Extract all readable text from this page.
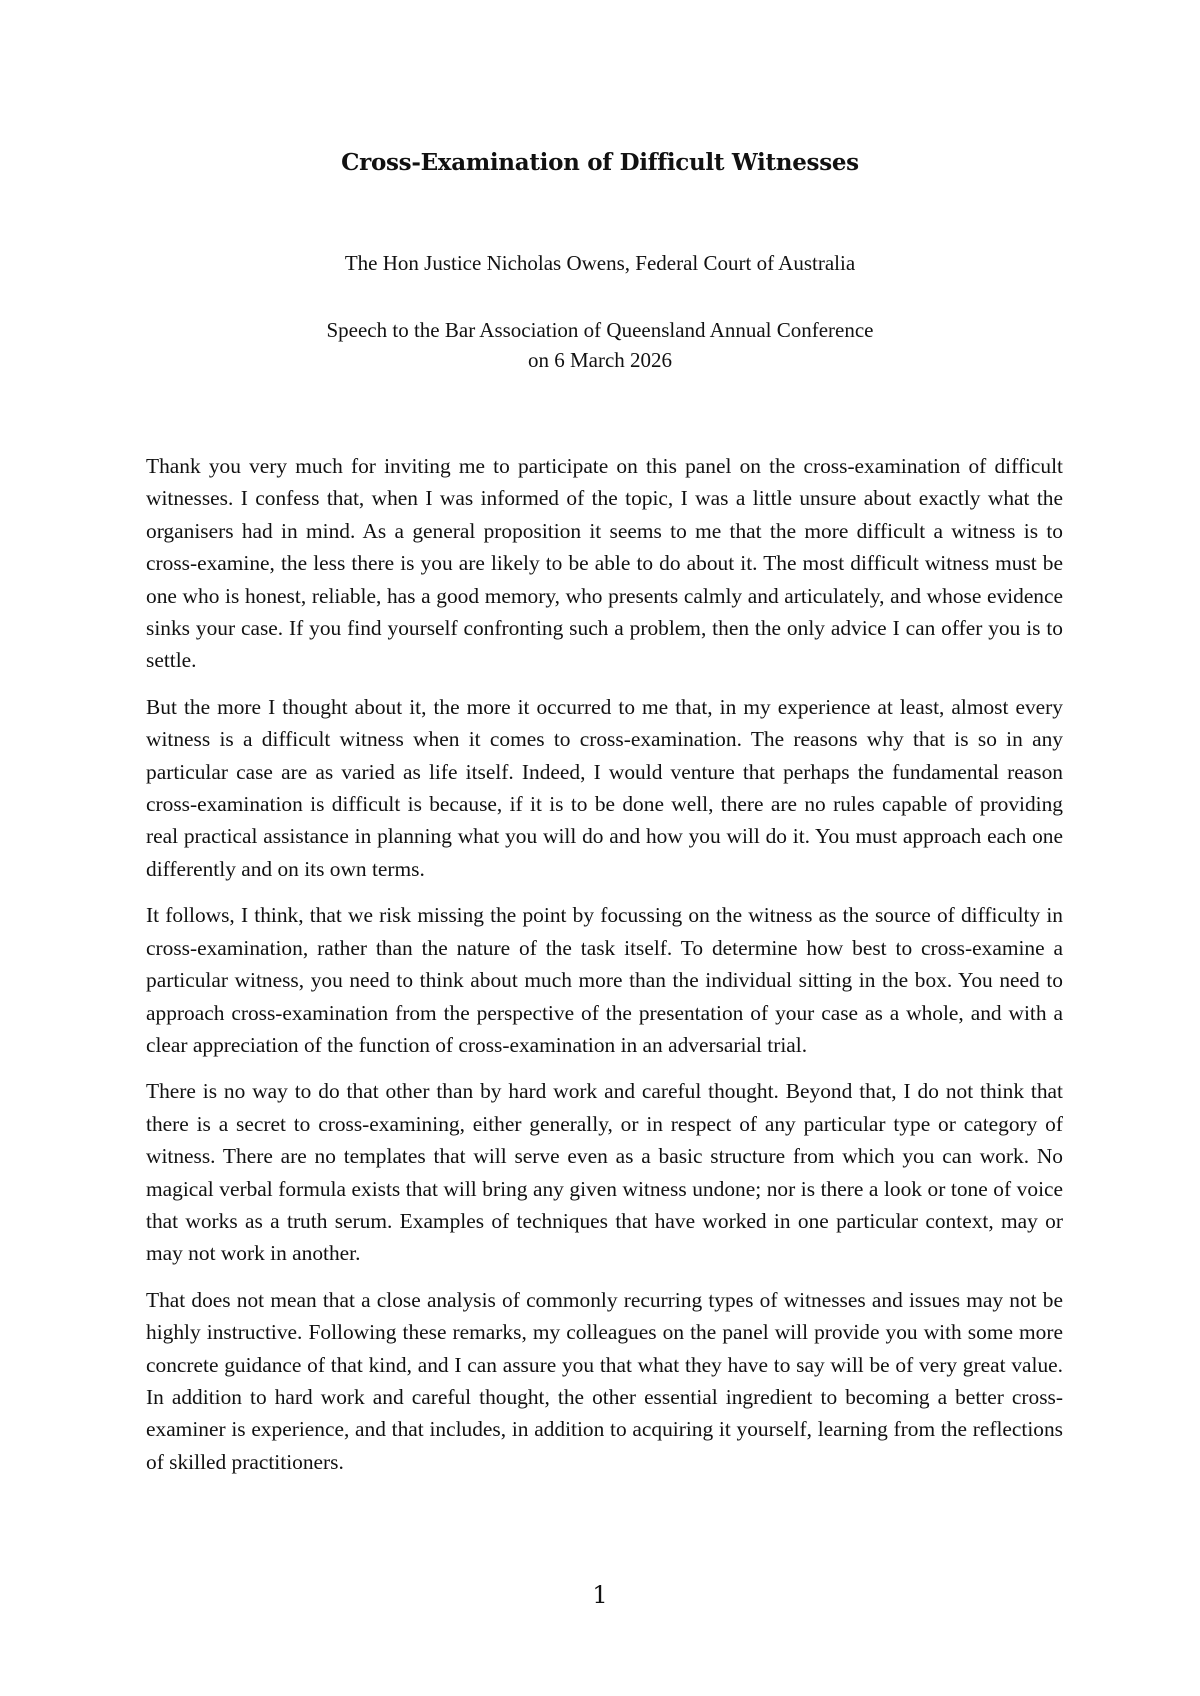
Cross-Examination of Difficult Witnesses

The Hon Justice Nicholas Owens, Federal Court of Australia

Speech to the Bar Association of Queensland Annual Conference

on 6 March 2026

Thank you very much for inviting me to participate on this panel on the cross-examination of difficult witnesses. I confess that, when I was informed of the topic, I was a little unsure about exactly what the organisers had in mind. As a general proposition it seems to me that the more difficult a witness is to cross-examine, the less there is you are likely to be able to do about it. The most difficult witness must be one who is honest, reliable, has a good memory, who presents calmly and articulately, and whose evidence sinks your case. If you find yourself confronting such a problem, then the only advice I can offer you is to settle.

But the more I thought about it, the more it occurred to me that, in my experience at least, almost every witness is a difficult witness when it comes to cross-examination. The reasons why that is so in any particular case are as varied as life itself. Indeed, I would venture that perhaps the fundamental reason cross-examination is difficult is because, if it is to be done well, there are no rules capable of providing real practical assistance in planning what you will do and how you will do it. You must approach each one differently and on its own terms.

It follows, I think, that we risk missing the point by focussing on the witness as the source of difficulty in cross-examination, rather than the nature of the task itself. To determine how best to cross-examine a particular witness, you need to think about much more than the individual sitting in the box. You need to approach cross-examination from the perspective of the presentation of your case as a whole, and with a clear appreciation of the function of cross-examination in an adversarial trial.

There is no way to do that other than by hard work and careful thought. Beyond that, I do not think that there is a secret to cross-examining, either generally, or in respect of any particular type or category of witness. There are no templates that will serve even as a basic structure from which you can work. No magical verbal formula exists that will bring any given witness undone; nor is there a look or tone of voice that works as a truth serum. Examples of techniques that have worked in one particular context, may or may not work in another.

That does not mean that a close analysis of commonly recurring types of witnesses and issues may not be highly instructive. Following these remarks, my colleagues on the panel will provide you with some more concrete guidance of that kind, and I can assure you that what they have to say will be of very great value. In addition to hard work and careful thought, the other essential ingredient to becoming a better cross-examiner is experience, and that includes, in addition to acquiring it yourself, learning from the reflections of skilled practitioners.

1
